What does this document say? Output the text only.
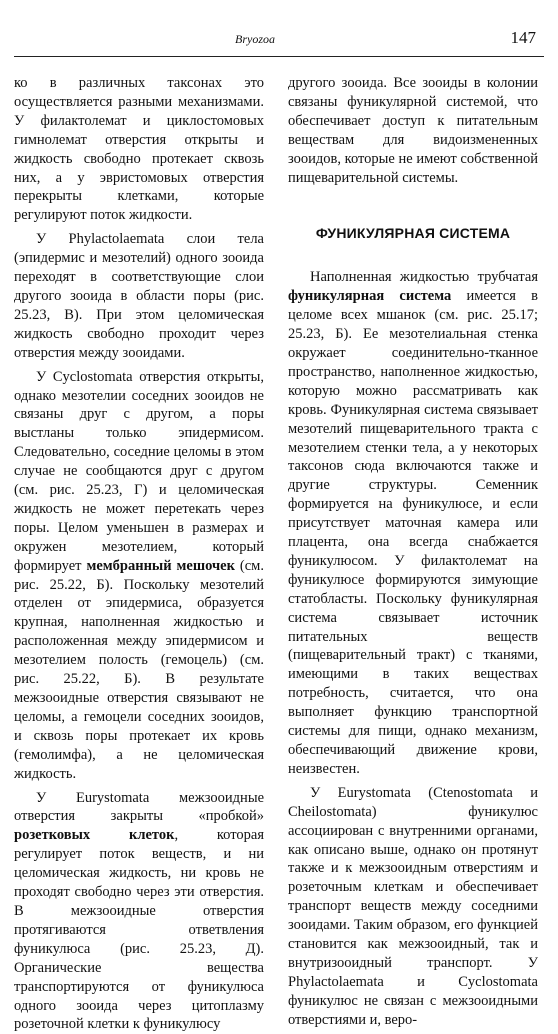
Bryozoa	147

ко в различных таксонах это осуществляется разными механизмами. У филактолемат и циклостомовых гимнолемат отверстия открыты и жидкость свободно протекает сквозь них, а у эвристомовых отверстия перекрыты клетками, которые регулируют поток жидкости.

У Phylactolaemata слои тела (эпидермис и мезотелий) одного зооида переходят в соответствующие слои другого зооида в области поры (рис. 25.23, В). При этом целомическая жидкость свободно проходит через отверстия между зооидами.

У Cyclostomata отверстия открыты, однако мезотелии соседних зооидов не связаны друг с другом, а поры выстланы только эпидермисом. Следовательно, соседние целомы в этом случае не сообщаются друг с другом (см. рис. 25.23, Г) и целомическая жидкость не может перетекать через поры. Целом уменьшен в размерах и окружен мезотелием, который формирует мембранный мешочек (см. рис. 25.22, Б). Поскольку мезотелий отделен от эпидермиса, образуется крупная, наполненная жидкостью и расположенная между эпидермисом и мезотелием полость (гемоцель) (см. рис. 25.22, Б). В результате межзооидные отверстия связывают не целомы, а гемоцели соседних зооидов, и сквозь поры протекает их кровь (гемолимфа), а не целомическая жидкость.

У Eurystomata межзооидные отверстия закрыты «пробкой» розетковых клеток, которая регулирует поток веществ, и ни целомическая жидкость, ни кровь не проходят свободно через эти отверстия. В межзооидные отверстия протягиваются ответвления фуникулюса (рис. 25.23, Д). Органические вещества транспортируются от фуникулюса одного зооида через цитоплазму розеточной клетки к фуникулюсу

другого зооида. Все зооиды в колонии связаны фуникулярной системой, что обеспечивает доступ к питательным веществам для видоизмененных зооидов, которые не имеют собственной пищеварительной системы.

ФУНИКУЛЯРНАЯ СИСТЕМА

Наполненная жидкостью трубчатая фуникулярная система имеется в целоме всех мшанок (см. рис. 25.17; 25.23, Б). Ее мезотелиальная стенка окружает соединительно-тканное пространство, наполненное жидкостью, которую можно рассматривать как кровь. Фуникулярная система связывает мезотелий пищеварительного тракта с мезотелием стенки тела, а у некоторых таксонов сюда включаются также и другие структуры. Семенник формируется на фуникулюсе, и если присутствует маточная камера или плацента, она всегда снабжается фуникулюсом. У филактолемат на фуникулюсе формируются зимующие статобласты. Поскольку фуникулярная система связывает источник питательных веществ (пищеварительный тракт) с тканями, имеющими в таких веществах потребность, считается, что она выполняет функцию транспортной системы для пищи, однако механизм, обеспечивающий движение крови, неизвестен.

У Eurystomata (Ctenostomata и Cheilostomata) фуникулюс ассоциирован с внутренними органами, как описано выше, однако он протянут также и к межзооидным отверстиям и розеточным клеткам и обеспечивает транспорт веществ между соседними зооидами. Таким образом, его функцией становится как межзооидный, так и внутризооидный транспорт. У Phylactolaemata и Cyclostomata фуникулюс не связан с межзооидными отверстиями и, веро-
